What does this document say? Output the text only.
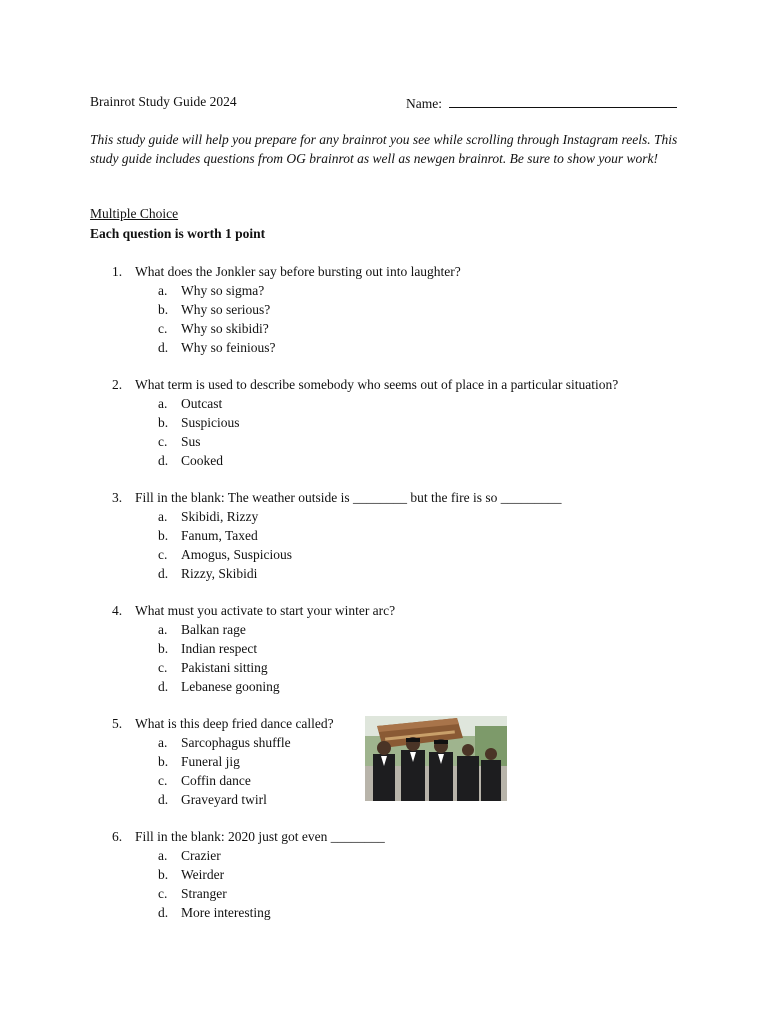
Brainrot Study Guide 2024	Name:
This study guide will help you prepare for any brainrot you see while scrolling through Instagram reels. This study guide includes questions from OG brainrot as well as newgen brainrot. Be sure to show your work!
Multiple Choice
Each question is worth 1 point
1. What does the Jonkler say before bursting out into laughter?
a. Why so sigma?
b. Why so serious?
c. Why so skibidi?
d. Why so feinious?
2. What term is used to describe somebody who seems out of place in a particular situation?
a. Outcast
b. Suspicious
c. Sus
d. Cooked
3. Fill in the blank: The weather outside is ________ but the fire is so _________
a. Skibidi, Rizzy
b. Fanum, Taxed
c. Amogus, Suspicious
d. Rizzy, Skibidi
4. What must you activate to start your winter arc?
a. Balkan rage
b. Indian respect
c. Pakistani sitting
d. Lebanese gooning
5. What is this deep fried dance called?
a. Sarcophagus shuffle
b. Funeral jig
c. Coffin dance
d. Graveyard twirl
6. Fill in the blank: 2020 just got even ________
a. Crazier
b. Weirder
c. Stranger
d. More interesting
